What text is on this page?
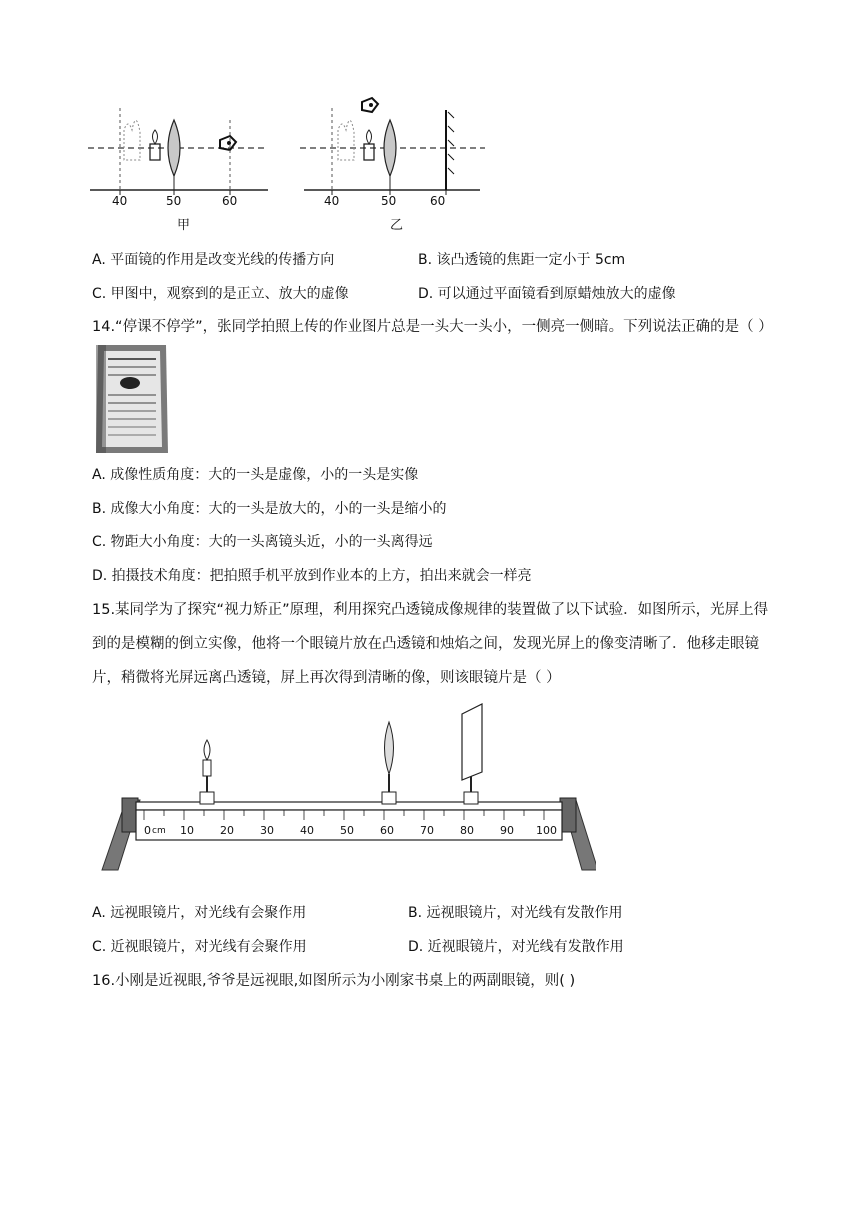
40	50	60
甲
40	50	60
乙
A. 平面镜的作用是改变光线的传播方向	B. 该凸透镜的焦距一定小于 5cm
C. 甲图中，观察到的是正立、放大的虚像	D. 可以通过平面镜看到原蜡烛放大的虚像
14.“停课不停学”，张同学拍照上传的作业图片总是一头大一头小，一侧亮一侧暗。下列说法正确的是（ ）
A. 成像性质角度：大的一头是虚像，小的一头是实像
B. 成像大小角度：大的一头是放大的，小的一头是缩小的
C. 物距大小角度：大的一头离镜头近，小的一头离得远
D. 拍摄技术角度：把拍照手机平放到作业本的上方，拍出来就会一样亮
15.某同学为了探究“视力矫正”原理，利用探究凸透镜成像规律的装置做了以下试验．如图所示，光屏上得
到的是模糊的倒立实像，他将一个眼镜片放在凸透镜和烛焰之间，发现光屏上的像变清晰了．他移走眼镜
片，稍微将光屏远离凸透镜，屏上再次得到清晰的像，则该眼镜片是（ ）
0 cm 10 20 30 40 50 60 70 80 90 100
A. 远视眼镜片，对光线有会聚作用	B. 远视眼镜片，对光线有发散作用
C. 近视眼镜片，对光线有会聚作用	D. 近视眼镜片，对光线有发散作用
16.小刚是近视眼,爷爷是远视眼,如图所示为小刚家书桌上的两副眼镜，则( )
